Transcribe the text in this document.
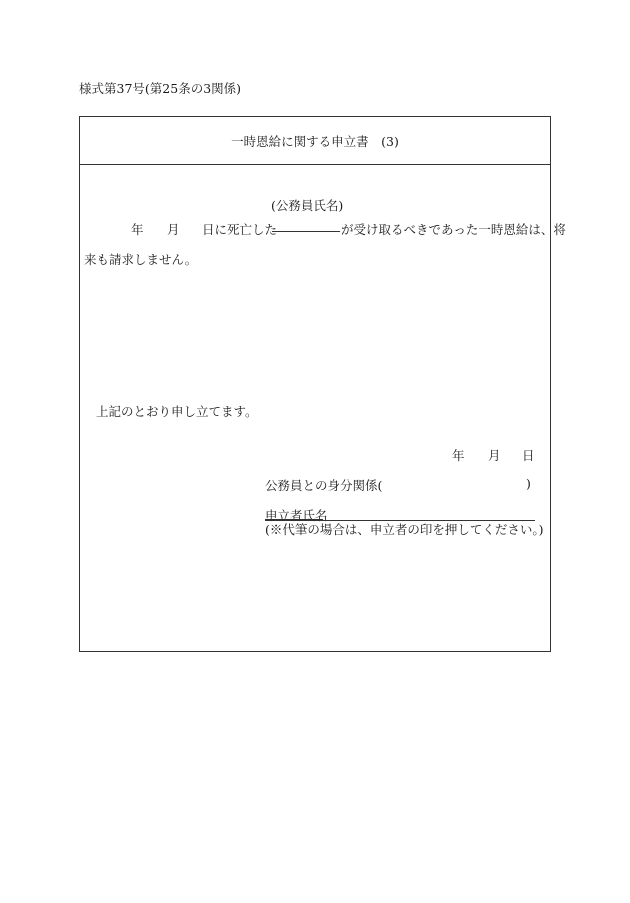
様式第37号(第25条の3関係)
一時恩給に関する申立書　(3)
(公務員氏名)
年 月 日に死亡した	が受け取るべきであった一時恩給は、将
来も請求しません。
上記のとおり申し立てます。
年 月 日
公務員との身分関係(	)
申立者氏名
(※代筆の場合は、申立者の印を押してください。)
